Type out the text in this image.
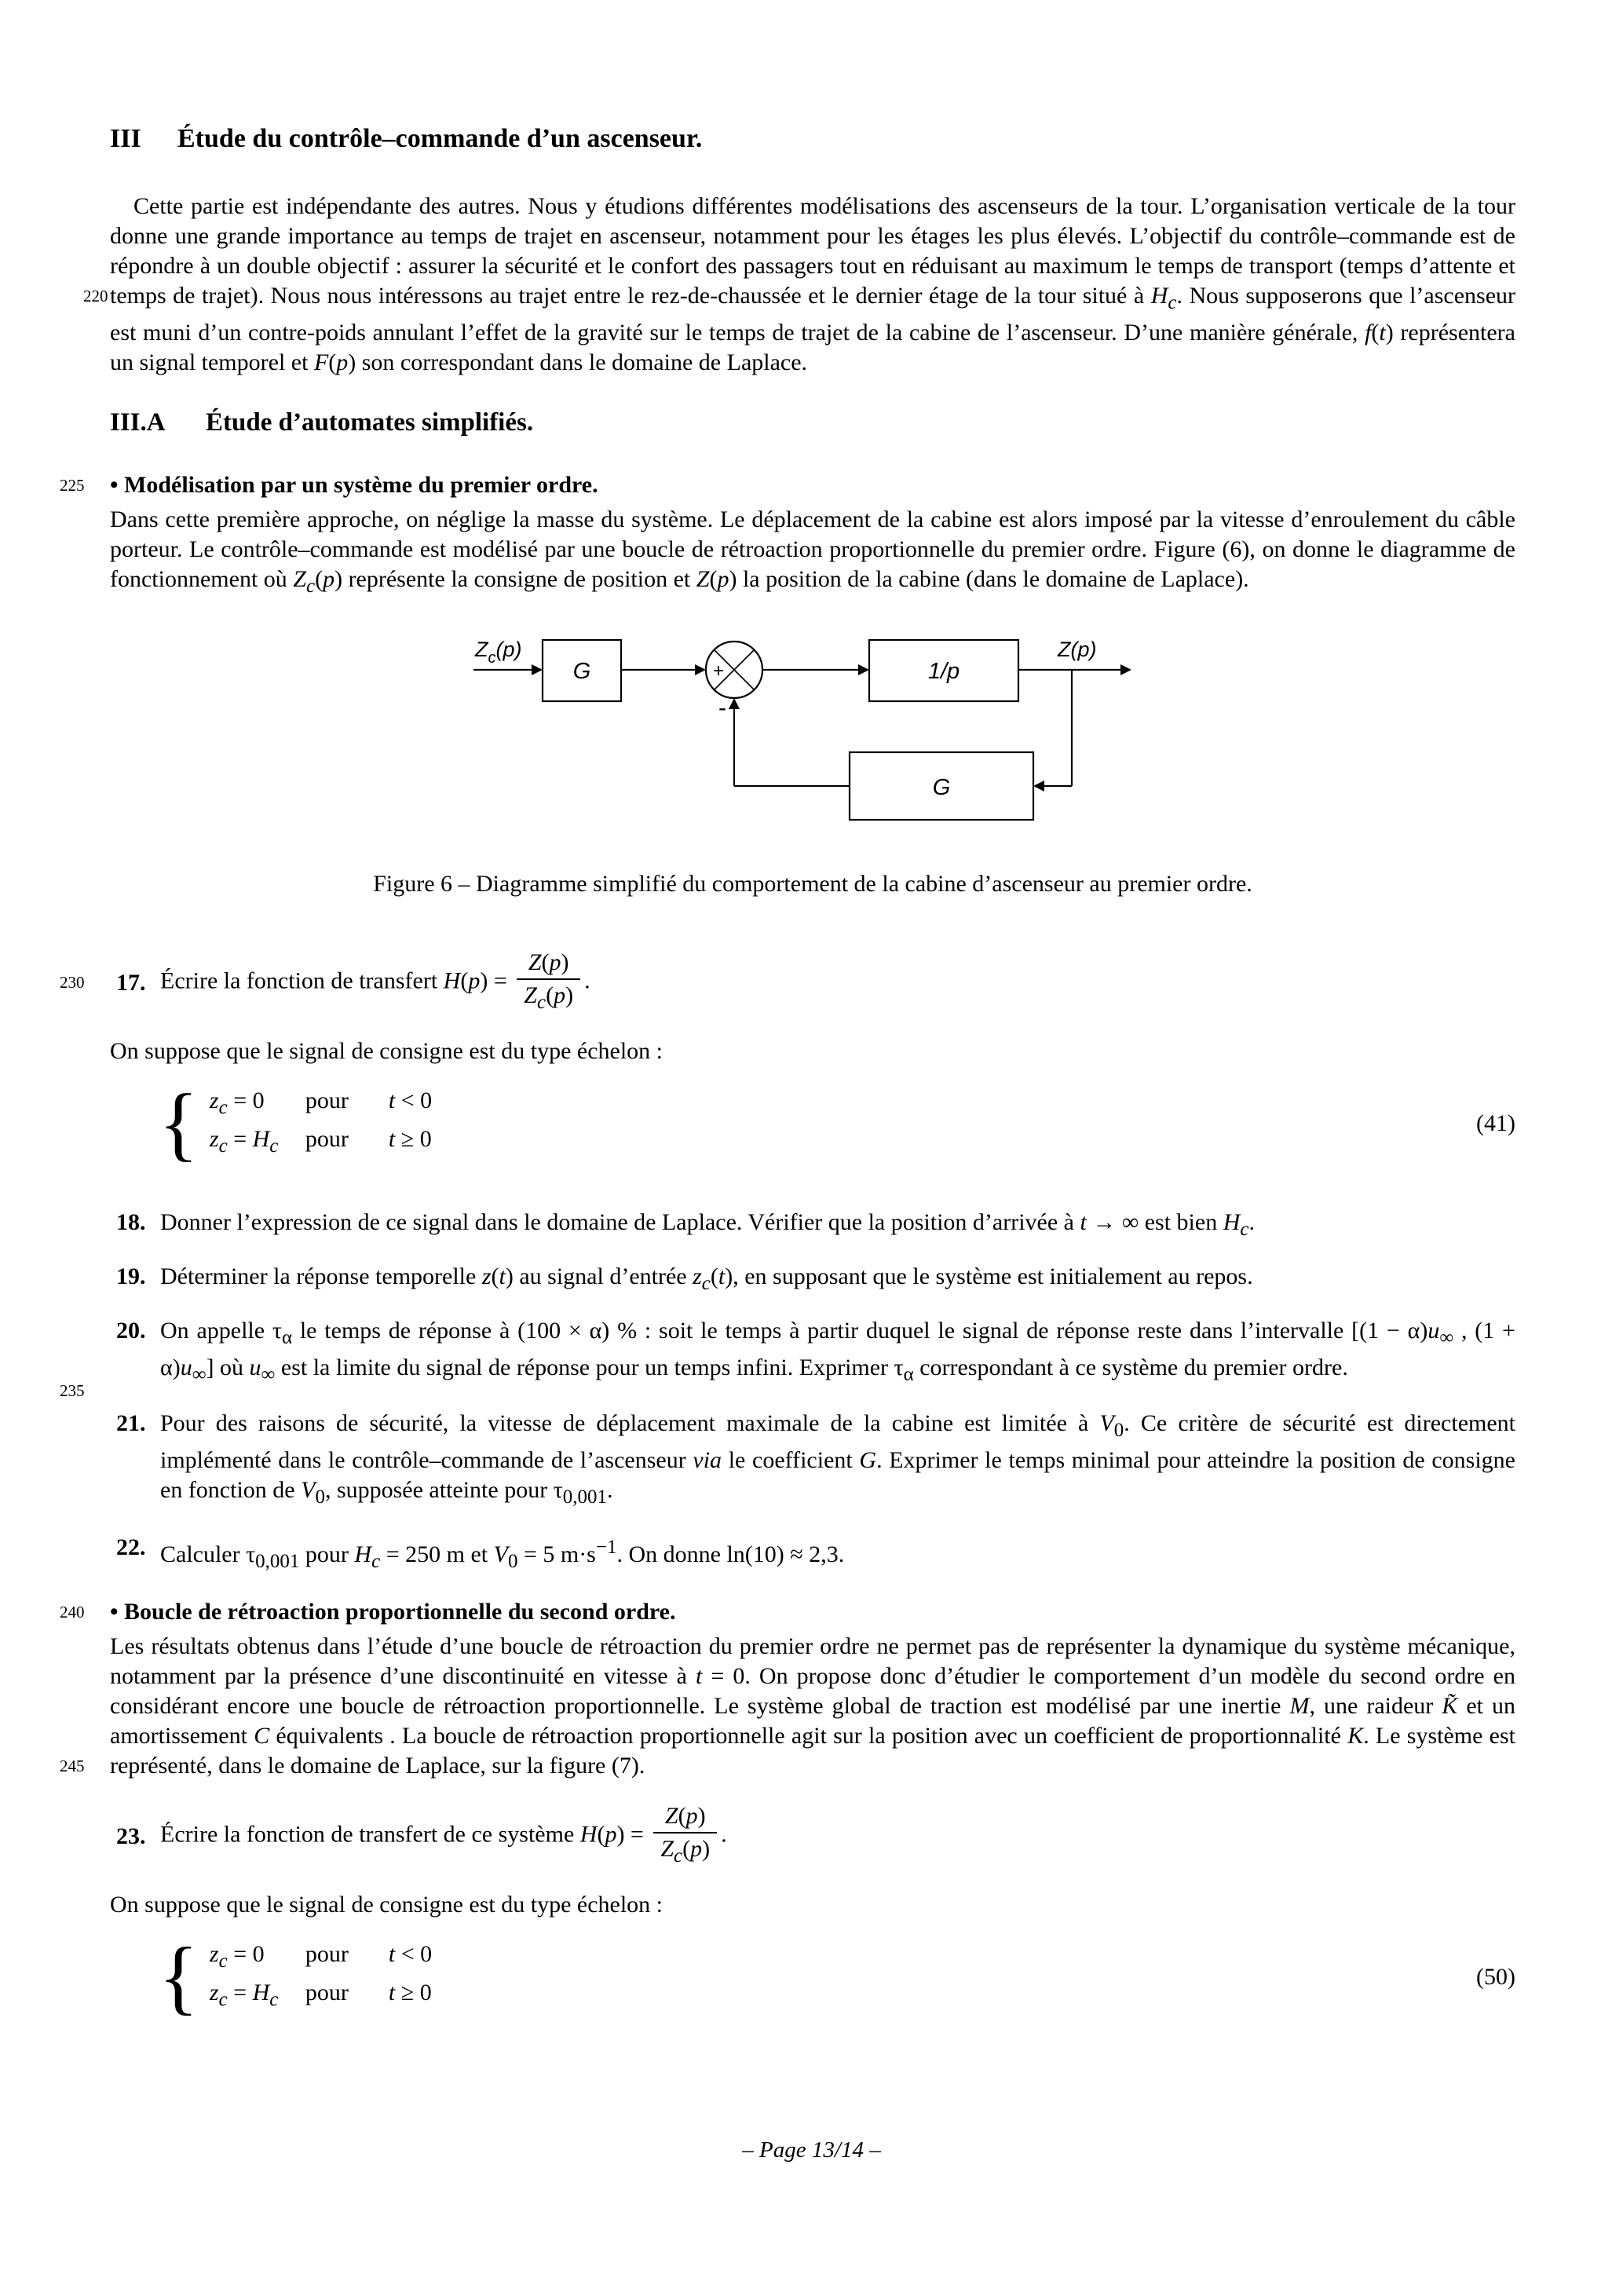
III Étude du contrôle–commande d’un ascenseur.
220
Cette partie est indépendante des autres. Nous y étudions différentes modélisations des ascenseurs de la tour. L’organisation verticale de la tour donne une grande importance au temps de trajet en ascenseur, notamment pour les étages les plus élevés. L’objectif du contrôle–commande est de répondre à un double objectif : assurer la sécurité et le confort des passagers tout en réduisant au maximum le temps de transport (temps d’attente et temps de trajet). Nous nous intéressons au trajet entre le rez-de-chaussée et le dernier étage de la tour situé à $H_c$. Nous supposerons que l’ascenseur est muni d’un contre-poids annulant l’effet de la gravité sur le temps de trajet de la cabine de l’ascenseur. D’une manière générale, f(t) représentera un signal temporel et F(p) son correspondant dans le domaine de Laplace.
III.A Étude d’automates simplifiés.
225	• Modélisation par un système du premier ordre.
Dans cette première approche, on néglige la masse du système. Le déplacement de la cabine est alors imposé par la vitesse d’enroulement du câble porteur. Le contrôle–commande est modélisé par une boucle de rétroaction proportionnelle du premier ordre. Figure (6), on donne le diagramme de fonctionnement où $Z_c(p)$ représente la consigne de position et Z(p) la position de la cabine (dans le domaine de Laplace).
$Z_c(p)$
G	1/p
G
Z(p)
+
-
Figure 6 – Diagramme simplifié du comportement de la cabine d’ascenseur au premier ordre.
230	17. Écrire la fonction de transfert $H(p) = \frac{Z(p)}{Z_c(p)}$ .
On suppose que le signal de consigne est du type échelon :
{ $z_c = 0$	pour	t < 0
$z_c = H_c$	pour	t ≥ 0
(41)
18. Donner l’expression de ce signal dans le domaine de Laplace. Vérifier que la position d’arrivée à t → ∞ est bien $H_c$.
19. Déterminer la réponse temporelle z(t) au signal d’entrée $z_c(t)$, en supposant que le système est initialement au repos.
235
20. On appelle $\tau_\alpha$ le temps de réponse à (100 × α) % : soit le temps à partir duquel le signal de réponse reste dans l’intervalle [$(1 - \alpha)u_\infty$ , $(1 + \alpha)u_\infty$] où $u_\infty$ est la limite du signal de réponse pour un temps infini. Exprimer $\tau_\alpha$ correspondant à ce système du premier ordre.
21. Pour des raisons de sécurité, la vitesse de déplacement maximale de la cabine est limitée à $V_0$. Ce critère de sécurité est directement implémenté dans le contrôle–commande de l’ascenseur via le coefficient G. Exprimer le temps minimal pour atteindre la position de consigne en fonction de $V_0$, supposée atteinte pour $\tau_{0,001}$.
22. Calculer $\tau_{0,001}$ pour $H_c = 250$ m et $V_0 = 5$ $m\cdot s^{-1}$. On donne ln(10) ≈ 2,3.
240	• Boucle de rétroaction proportionnelle du second ordre.
245
Les résultats obtenus dans l’étude d’une boucle de rétroaction du premier ordre ne permet pas de représenter la dynamique du système mécanique, notamment par la présence d’une discontinuité en vitesse à t = 0. On propose donc d’étudier le comportement d’un modèle du second ordre en considérant encore une boucle de rétroaction proportionnelle. Le système global de traction est modélisé par une inertie M, une raideur K̃ et un amortissement C équivalents . La boucle de rétroaction proportionnelle agit sur la position avec un coefficient de proportionnalité K. Le système est représenté, dans le domaine de Laplace, sur la figure (7).
23. Écrire la fonction de transfert de ce système $H(p) = \frac{Z(p)}{Z_c(p)}$ .
On suppose que le signal de consigne est du type échelon :
{ $z_c = 0$	pour	t < 0
$z_c = H_c$	pour	t ≥ 0
(50)
– Page 13/14 –
